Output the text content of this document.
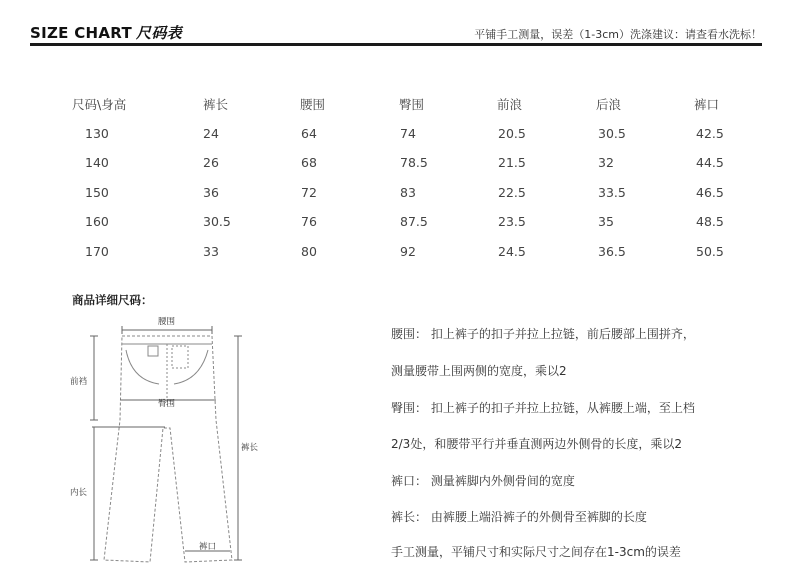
SIZE CHART 尺码表	平铺手工测量，误差（1-3cm）洗涤建议：请查看水洗标！
尺码\身高	裤长	腰围	臀围	前浪	后浪	裤口
130	24	64	74	20.5	30.5	42.5
140	26	68	78.5	21.5	32	44.5
150	36	72	83	22.5	33.5	46.5
160	30.5	76	87.5	23.5	35	48.5
170	33	80	92	24.5	36.5	50.5
商品详细尺码：
腰围
前裆
臀围
裤长
内长
裤口
腰围： 扣上裤子的扣子并拉上拉链，前后腰部上围拼齐，
测量腰带上围两侧的宽度，乘以2
臀围： 扣上裤子的扣子并拉上拉链，从裤腰上端，至上档
2/3处，和腰带平行并垂直测两边外侧骨的长度，乘以2
裤口： 测量裤脚内外侧骨间的宽度
裤长： 由裤腰上端沿裤子的外侧骨至裤脚的长度
手工测量，平铺尺寸和实际尺寸之间存在1-3cm的误差
